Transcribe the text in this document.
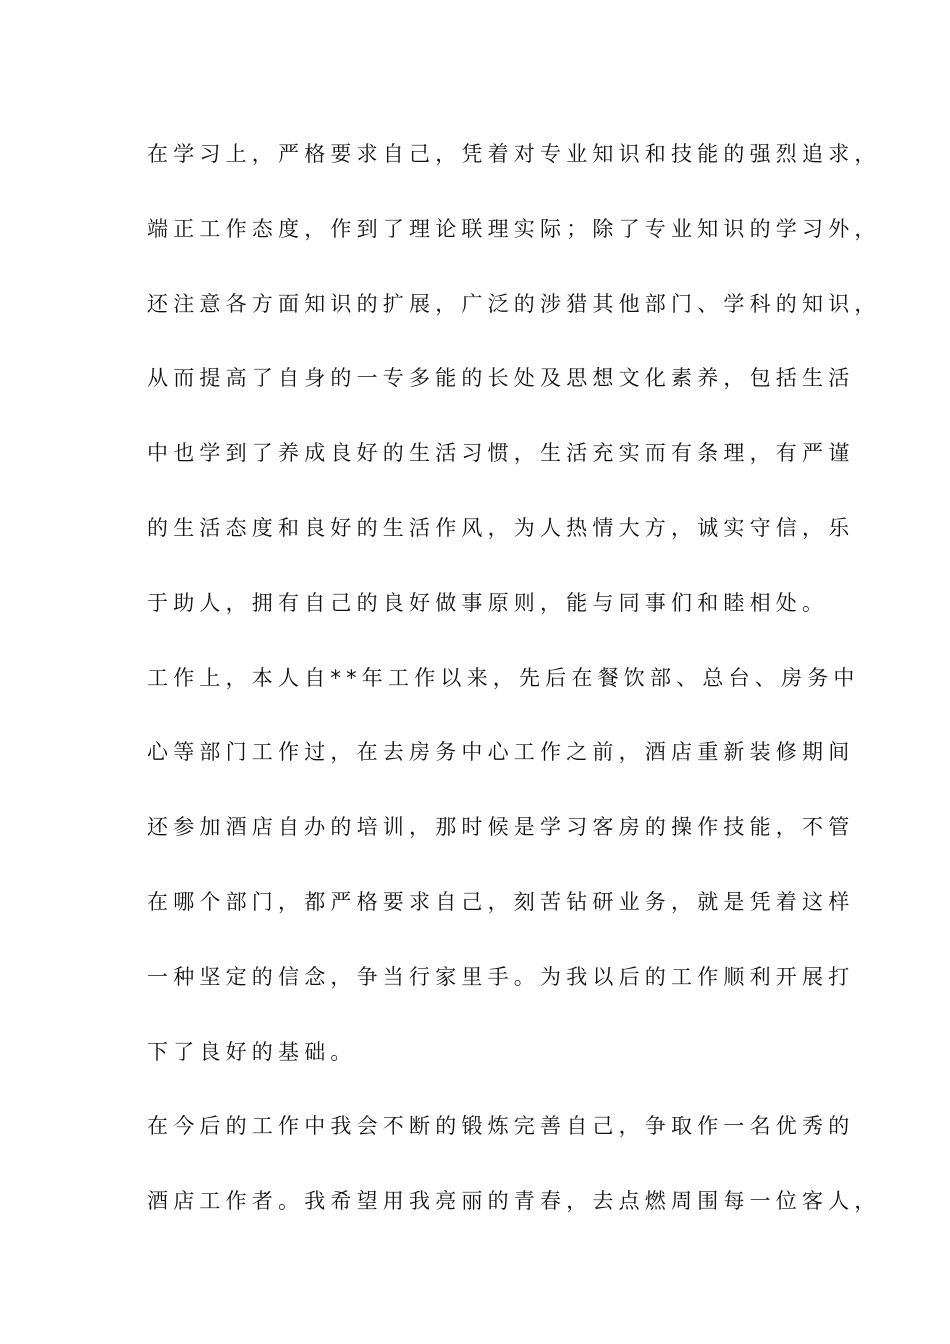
在学习上，严格要求自己，凭着对专业知识和技能的强烈追求，
端正工作态度，作到了理论联理实际；除了专业知识的学习外，
还注意各方面知识的扩展，广泛的涉猎其他部门、学科的知识，
从而提高了自身的一专多能的长处及思想文化素养，包括生活
中也学到了养成良好的生活习惯，生活充实而有条理，有严谨
的生活态度和良好的生活作风，为人热情大方，诚实守信，乐
于助人，拥有自己的良好做事原则，能与同事们和睦相处。
工作上，本人自**年工作以来，先后在餐饮部、总台、房务中
心等部门工作过，在去房务中心工作之前，酒店重新装修期间
还参加酒店自办的培训，那时候是学习客房的操作技能，不管
在哪个部门，都严格要求自己，刻苦钻研业务，就是凭着这样
一种坚定的信念，争当行家里手。为我以后的工作顺利开展打
下了良好的基础。
在今后的工作中我会不断的锻炼完善自己，争取作一名优秀的
酒店工作者。我希望用我亮丽的青春，去点燃周围每一位客人，
